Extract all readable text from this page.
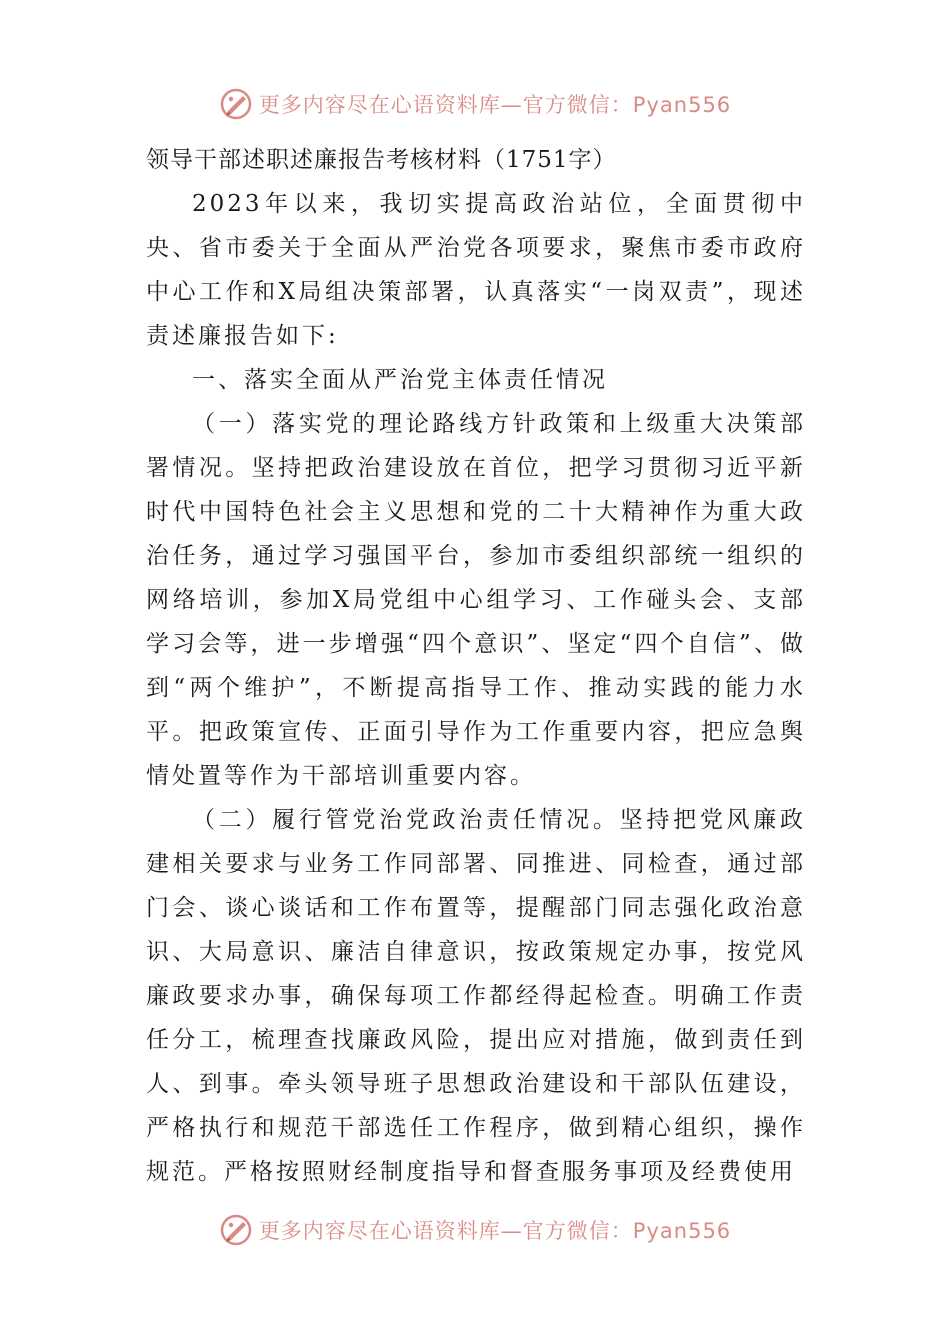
更多内容尽在心语资料库—官方微信：Pyan556

领导干部述职述廉报告考核材料（1751字）

2023年以来，我切实提高政治站位，全面贯彻中央、省市委关于全面从严治党各项要求，聚焦市委市政府中心工作和X局组决策部署，认真落实“一岗双责”，现述责述廉报告如下:

一、落实全面从严治党主体责任情况

（一）落实党的理论路线方针政策和上级重大决策部署情况。坚持把政治建设放在首位，把学习贯彻习近平新时代中国特色社会主义思想和党的二十大精神作为重大政治任务，通过学习强国平台，参加市委组织部统一组织的网络培训，参加X局党组中心组学习、工作碰头会、支部学习会等，进一步增强“四个意识”、坚定“四个自信”、做到“两个维护”，不断提高指导工作、推动实践的能力水平。把政策宣传、正面引导作为工作重要内容，把应急舆情处置等作为干部培训重要内容。

（二）履行管党治党政治责任情况。坚持把党风廉政建相关要求与业务工作同部署、同推进、同检查，通过部门会、谈心谈话和工作布置等，提醒部门同志强化政治意识、大局意识、廉洁自律意识，按政策规定办事，按党风廉政要求办事，确保每项工作都经得起检查。明确工作责任分工，梳理查找廉政风险，提出应对措施，做到责任到人、到事。牵头领导班子思想政治建设和干部队伍建设，严格执行和规范干部选任工作程序，做到精心组织，操作规范。严格按照财经制度指导和督查服务事项及经费使用

更多内容尽在心语资料库—官方微信：Pyan556
